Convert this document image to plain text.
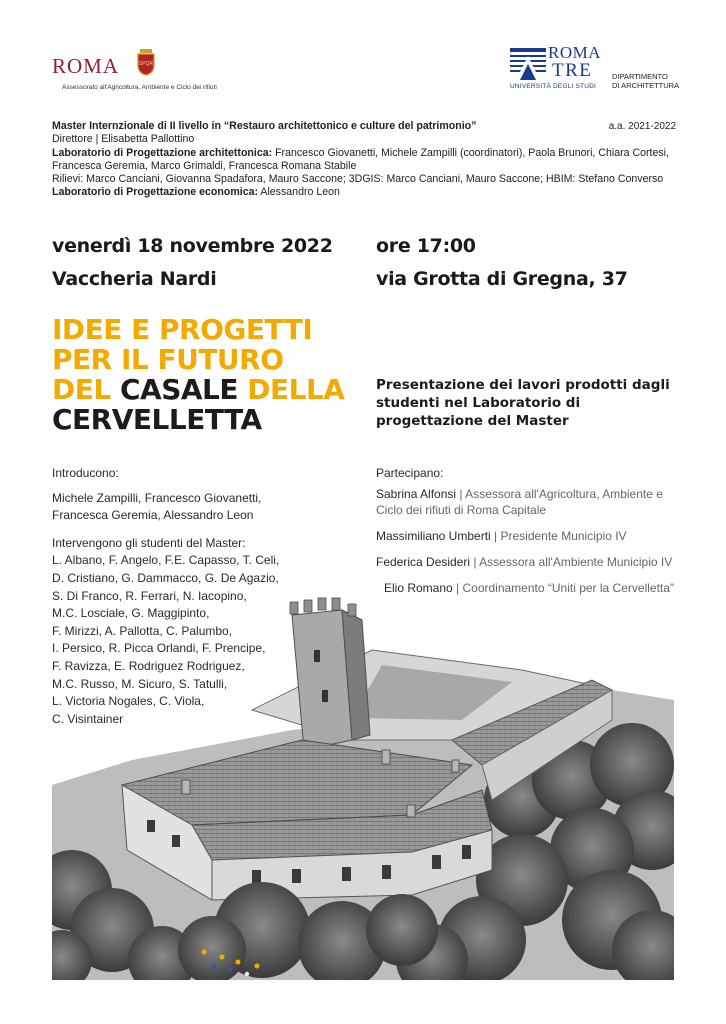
ROMA	SPQR
Assessorato all'Agricoltura, Ambiente e Ciclo dei rifiuti
ROMA
TRE
UNIVERSITÀ DEGLI STUDI
DIPARTIMENTO
DI ARCHITETTURA
Master Internzionale di II livello in “Restauro architettonico e culture del patrimonio”	a.a. 2021-2022
Direttore | Elisabetta Pallottino
Laboratorio di Progettazione architettonica: Francesco Giovanetti, Michele Zampilli (coordinatori), Paola Brunori, Chiara Cortesi, Francesca Geremia, Marco Grimaldi, Francesca Romana Stabile
Rilievi: Marco Canciani, Giovanna Spadafora, Mauro Saccone; 3DGIS: Marco Canciani, Mauro Saccone; HBIM: Stefano Converso
Laboratorio di Progettazione economica: Alessandro Leon
venerdì 18 novembre 2022
Vaccheria Nardi
ore 17:00
via Grotta di Gregna, 37
IDEE E PROGETTI
PER IL FUTURO
DEL CASALE DELLA
CERVELLETTA
Presentazione dei lavori prodotti dagli studenti nel Laboratorio di progettazione del Master
Introducono:
Michele Zampilli, Francesco Giovanetti, Francesca Geremia, Alessandro Leon
Intervengono gli studenti del Master:
L. Albano, F. Angelo, F.E. Capasso, T. Celi,
D. Cristiano, G. Dammacco, G. De Agazio,
S. Di Franco, R. Ferrari, N. Iacopino,
M.C. Losciale, G. Maggipinto,
F. Mirizzi, A. Pallotta, C. Palumbo,
I. Persico, R. Picca Orlandi, F. Prencipe,
F. Ravizza, E. Rodriguez Rodriguez,
M.C. Russo, M. Sicuro, S. Tatulli,
L. Victoria Nogales, C. Viola,
C. Visintainer
Partecipano:
Sabrina Alfonsi | Assessora all'Agricoltura, Ambiente e Ciclo dei rifiuti di Roma Capitale
Massimiliano Umberti | Presidente Municipio IV
Federica Desideri | Assessora all'Ambiente Municipio IV
Elio Romano | Coordinamento “Uniti per la Cervelletta”
